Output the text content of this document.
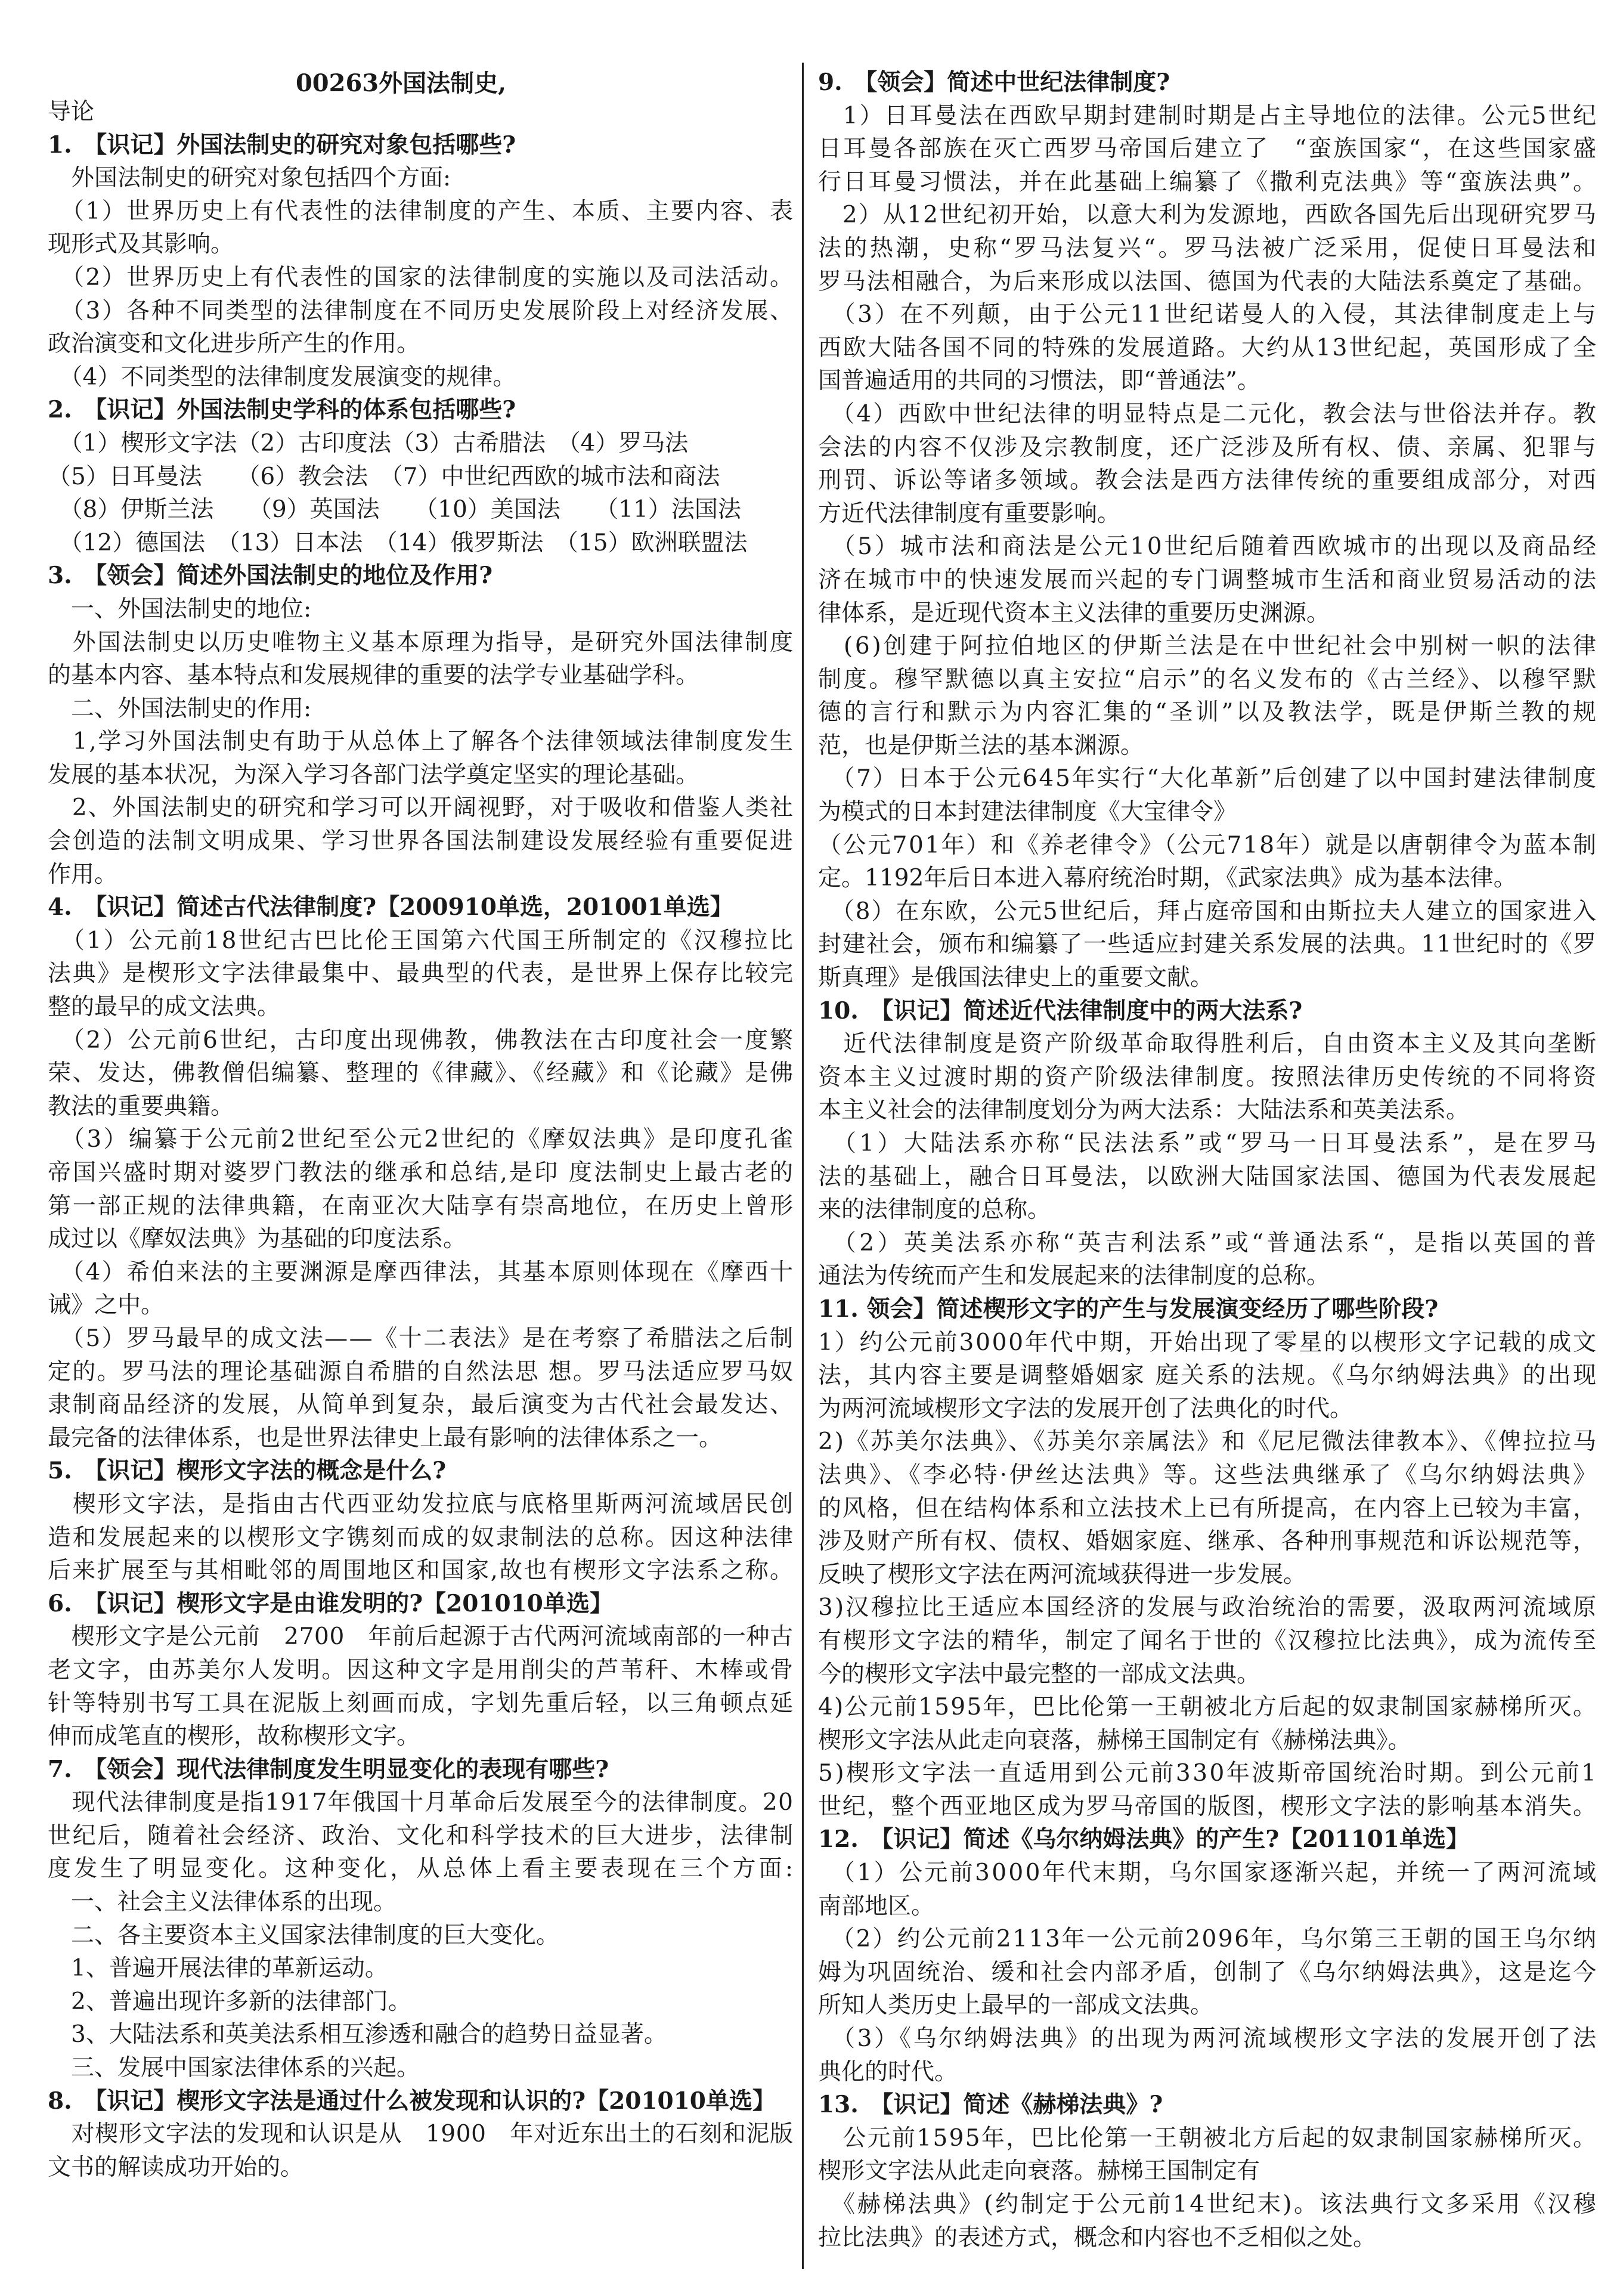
00263外国法制史,
导论
1.　【识记】外国法制史的研究对象包括哪些?
　外国法制史的研究对象包括四个方面:
　（1）世界历史上有代表性的法律制度的产生、本质、主要内容、表
现形式及其影响。
　（2）世界历史上有代表性的国家的法律制度的实施以及司法活动。
　（3）各种不同类型的法律制度在不同历史发展阶段上对经济发展、
政治演变和文化进步所产生的作用。
　（4）不同类型的法律制度发展演变的规律。
2.　【识记】外国法制史学科的体系包括哪些?
　（1）楔形文字法（2）古印度法（3）古希腊法　（4）罗马法
（5）日耳曼法　　（6）教会法　（7）中世纪西欧的城市法和商法
　（8）伊斯兰法　　（9）英国法　　（10）美国法　　（11）法国法
　（12）德国法　（13）日本法　（14）俄罗斯法　（15）欧洲联盟法
3.　【领会】简述外国法制史的地位及作用?
　一、外国法制史的地位:
　外国法制史以历史唯物主义基本原理为指导，是研究外国法律制度
的基本内容、基本特点和发展规律的重要的法学专业基础学科。
　二、外国法制史的作用:
　1,学习外国法制史有助于从总体上了解各个法律领域法律制度发生
发展的基本状况，为深入学习各部门法学奠定坚实的理论基础。
　2、外国法制史的研究和学习可以开阔视野，对于吸收和借鉴人类社
会创造的法制文明成果、学习世界各国法制建设发展经验有重要促进
作用。
4.　【识记】简述古代法律制度?【200910单选，201001单选】
　（1）公元前18世纪古巴比伦王国第六代国王所制定的《汉穆拉比
法典》是楔形文字法律最集中、最典型的代表，是世界上保存比较完
整的最早的成文法典。
　（2）公元前6世纪，古印度出现佛教，佛教法在古印度社会一度繁
荣、发达，佛教僧侣编纂、整理的《律藏》、《经藏》和《论藏》是佛
教法的重要典籍。
　（3）编纂于公元前2世纪至公元2世纪的《摩奴法典》是印度孔雀
帝国兴盛时期对婆罗门教法的继承和总结,是印 度法制史上最古老的
第一部正规的法律典籍，在南亚次大陆享有崇高地位，在历史上曾形
成过以《摩奴法典》为基础的印度法系。
　（4）希伯来法的主要渊源是摩西律法，其基本原则体现在《摩西十
诫》之中。
　（5）罗马最早的成文法——《十二表法》是在考察了希腊法之后制
定的。罗马法的理论基础源自希腊的自然法思 想。罗马法适应罗马奴
隶制商品经济的发展，从简单到复杂，最后演变为古代社会最发达、
最完备的法律体系，也是世界法律史上最有影响的法律体系之一。
5.　【识记】楔形文字法的概念是什么?
　楔形文字法，是指由古代西亚幼发拉底与底格里斯两河流域居民创
造和发展起来的以楔形文字镌刻而成的奴隶制法的总称。因这种法律
后来扩展至与其相毗邻的周围地区和国家,故也有楔形文字法系之称。
6.　【识记】楔形文字是由谁发明的?【201010单选】
　楔形文字是公元前　2700　年前后起源于古代两河流域南部的一种古
老文字，由苏美尔人发明。因这种文字是用削尖的芦苇秆、木棒或骨
针等特别书写工具在泥版上刻画而成，字划先重后轻，以三角顿点延
伸而成笔直的楔形，故称楔形文字。
7.　【领会】现代法律制度发生明显变化的表现有哪些?
　现代法律制度是指1917年俄国十月革命后发展至今的法律制度。20
世纪后，随着社会经济、政治、文化和科学技术的巨大进步，法律制
度发生了明显变化。这种变化，从总体上看主要表现在三个方面:
　一、社会主义法律体系的出现。
　二、各主要资本主义国家法律制度的巨大变化。
　1、普遍开展法律的革新运动。
　2、普遍出现许多新的法律部门。
　3、大陆法系和英美法系相互渗透和融合的趋势日益显著。
　三、发展中国家法律体系的兴起。
8.　【识记】楔形文字法是通过什么被发现和认识的?【201010单选】
　对楔形文字法的发现和认识是从　1900　年对近东出土的石刻和泥版
文书的解读成功开始的。
9.　【领会】简述中世纪法律制度?
　1）日耳曼法在西欧早期封建制时期是占主导地位的法律。公元5世纪
日耳曼各部族在灭亡西罗马帝国后建立了　“蛮族国家“，在这些国家盛
行日耳曼习惯法，并在此基础上编纂了《撒利克法典》等“蛮族法典”。
　2）从12世纪初开始，以意大利为发源地，西欧各国先后出现研究罗马
法的热潮，史称“罗马法复兴“。罗马法被广泛采用，促使日耳曼法和
罗马法相融合，为后来形成以法国、德国为代表的大陆法系奠定了基础。
　（3）在不列颠，由于公元11世纪诺曼人的入侵，其法律制度走上与
西欧大陆各国不同的特殊的发展道路。大约从13世纪起，英国形成了全
国普遍适用的共同的习惯法，即“普通法”。
　（4）西欧中世纪法律的明显特点是二元化，教会法与世俗法并存。教
会法的内容不仅涉及宗教制度，还广泛涉及所有权、债、亲属、犯罪与
刑罚、诉讼等诸多领域。教会法是西方法律传统的重要组成部分，对西
方近代法律制度有重要影响。
　（5）城市法和商法是公元10世纪后随着西欧城市的出现以及商品经
济在城市中的快速发展而兴起的专门调整城市生活和商业贸易活动的法
律体系，是近现代资本主义法律的重要历史渊源。
　(6)创建于阿拉伯地区的伊斯兰法是在中世纪社会中别树一帜的法律
制度。穆罕默德以真主安拉“启示”的名义发布的《古兰经》、以穆罕默
德的言行和默示为内容汇集的“圣训”以及教法学，既是伊斯兰教的规
范，也是伊斯兰法的基本渊源。
　（7）日本于公元645年实行“大化革新”后创建了以中国封建法律制度
为模式的日本封建法律制度《大宝律令》
（公元701年）和《养老律令》（公元718年）就是以唐朝律令为蓝本制
定。1192年后日本进入幕府统治时期，《武家法典》成为基本法律。
　（8）在东欧，公元5世纪后，拜占庭帝国和由斯拉夫人建立的国家进入
封建社会，颁布和编纂了一些适应封建关系发展的法典。11世纪时的《罗
斯真理》是俄国法律史上的重要文献。
10.　【识记】简述近代法律制度中的两大法系?
　近代法律制度是资产阶级革命取得胜利后，自由资本主义及其向垄断
资本主义过渡时期的资产阶级法律制度。按照法律历史传统的不同将资
本主义社会的法律制度划分为两大法系：大陆法系和英美法系。
　（1）大陆法系亦称“民法法系”或“罗马一日耳曼法系”，是在罗马
法的基础上，融合日耳曼法，以欧洲大陆国家法国、德国为代表发展起
来的法律制度的总称。
　（2）英美法系亦称“英吉利法系”或“普通法系“，是指以英国的普
通法为传统而产生和发展起来的法律制度的总称。
11. 领会】简述楔形文字的产生与发展演变经历了哪些阶段?
1）约公元前3000年代中期，开始出现了零星的以楔形文字记载的成文
法，其内容主要是调整婚姻家 庭关系的法规。《乌尔纳姆法典》的出现
为两河流域楔形文字法的发展开创了法典化的时代。
2)《苏美尔法典》、《苏美尔亲属法》和《尼尼微法律教本》、《俾拉拉马
法典》、《李必特·伊丝达法典》等。这些法典继承了《乌尔纳姆法典》
的风格，但在结构体系和立法技术上已有所提高，在内容上已较为丰富，
涉及财产所有权、债权、婚姻家庭、继承、各种刑事规范和诉讼规范等，
反映了楔形文字法在两河流域获得进一步发展。
3)汉穆拉比王适应本国经济的发展与政治统治的需要，汲取两河流域原
有楔形文字法的精华，制定了闻名于世的《汉穆拉比法典》，成为流传至
今的楔形文字法中最完整的一部成文法典。
4)公元前1595年，巴比伦第一王朝被北方后起的奴隶制国家赫梯所灭。
楔形文字法从此走向衰落，赫梯王国制定有《赫梯法典》。
5)楔形文字法一直适用到公元前330年波斯帝国统治时期。到公元前1
世纪，整个西亚地区成为罗马帝国的版图，楔形文字法的影响基本消失。
12.　【识记】简述《乌尔纳姆法典》的产生?【201101单选】
　（1）公元前3000年代末期，乌尔国家逐渐兴起，并统一了两河流域
南部地区。
　（2）约公元前2113年一公元前2096年，乌尔第三王朝的国王乌尔纳
姆为巩固统治、缓和社会内部矛盾，创制了《乌尔纳姆法典》，这是迄今
所知人类历史上最早的一部成文法典。
　（3）《乌尔纳姆法典》的出现为两河流域楔形文字法的发展开创了法
典化的时代。
13.　【识记】简述《赫梯法典》?
　公元前1595年，巴比伦第一王朝被北方后起的奴隶制国家赫梯所灭。
楔形文字法从此走向衰落。赫梯王国制定有
　《赫梯法典》(约制定于公元前14世纪末)。该法典行文多采用《汉穆
拉比法典》的表述方式，概念和内容也不乏相似之处。
